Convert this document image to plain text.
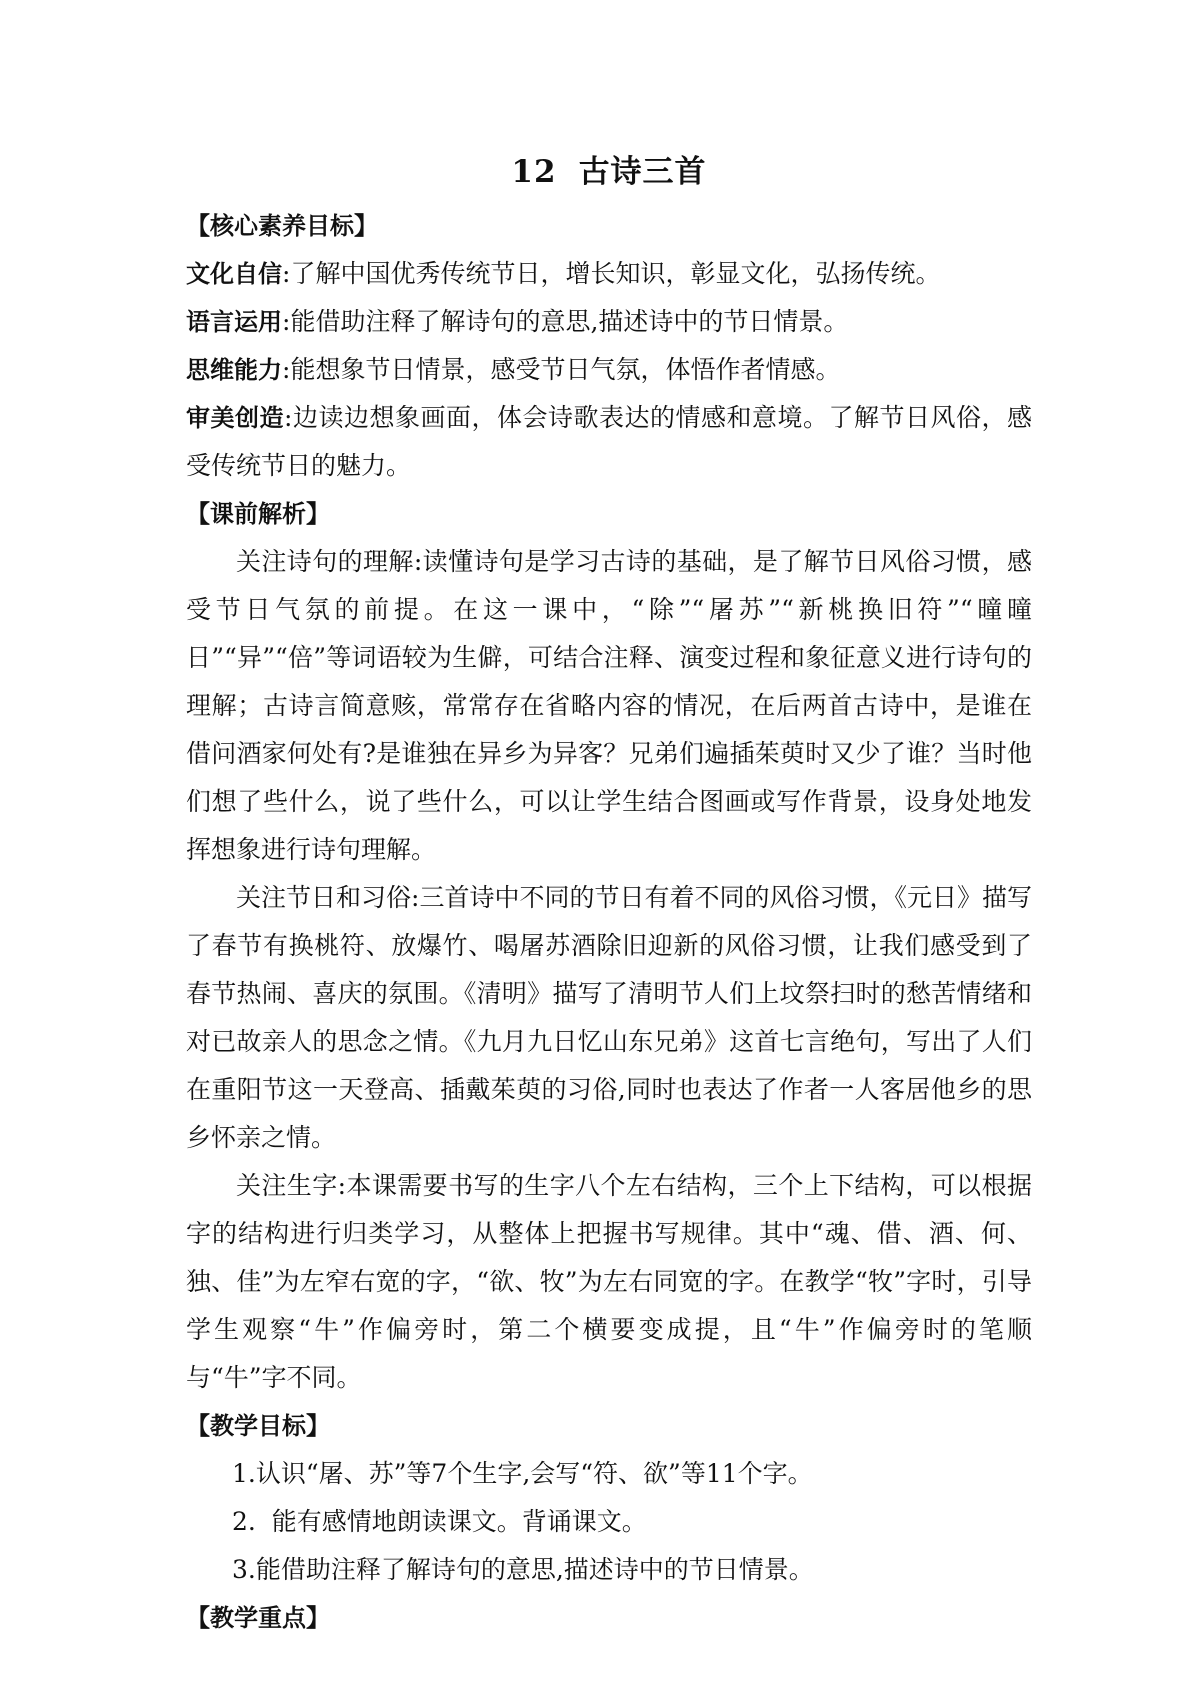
12 古诗三首

【核心素养目标】

文化自信:了解中国优秀传统节日，增长知识，彰显文化，弘扬传统。

语言运用:能借助注释了解诗句的意思,描述诗中的节日情景。

思维能力:能想象节日情景，感受节日气氛，体悟作者情感。

审美创造:边读边想象画面，体会诗歌表达的情感和意境。了解节日风俗，感受传统节日的魅力。

【课前解析】

关注诗句的理解:读懂诗句是学习古诗的基础，是了解节日风俗习惯，感受节日气氛的前提。在这一课中，“除”“屠苏”“新桃换旧符”“曈曈日”“异”“倍”等词语较为生僻，可结合注释、演变过程和象征意义进行诗句的理解；古诗言简意赅，常常存在省略内容的情况，在后两首古诗中，是谁在借问酒家何处有?是谁独在异乡为异客？兄弟们遍插茱萸时又少了谁？当时他们想了些什么，说了些什么，可以让学生结合图画或写作背景，设身处地发挥想象进行诗句理解。

关注节日和习俗:三首诗中不同的节日有着不同的风俗习惯，《元日》描写了春节有换桃符、放爆竹、喝屠苏酒除旧迎新的风俗习惯，让我们感受到了春节热闹、喜庆的氛围。《清明》描写了清明节人们上坟祭扫时的愁苦情绪和对已故亲人的思念之情。《九月九日忆山东兄弟》这首七言绝句，写出了人们在重阳节这一天登高、插戴茱萸的习俗,同时也表达了作者一人客居他乡的思乡怀亲之情。

关注生字:本课需要书写的生字八个左右结构，三个上下结构，可以根据字的结构进行归类学习，从整体上把握书写规律。其中“魂、借、酒、何、独、佳”为左窄右宽的字，“欲、牧”为左右同宽的字。在教学“牧”字时，引导学生观察“牛”作偏旁时，第二个横要变成提，且“牛”作偏旁时的笔顺与“牛”字不同。

【教学目标】

1.认识“屠、苏”等7个生字,会写“符、欲”等11个字。

2.  能有感情地朗读课文。背诵课文。

3.能借助注释了解诗句的意思,描述诗中的节日情景。

【教学重点】
